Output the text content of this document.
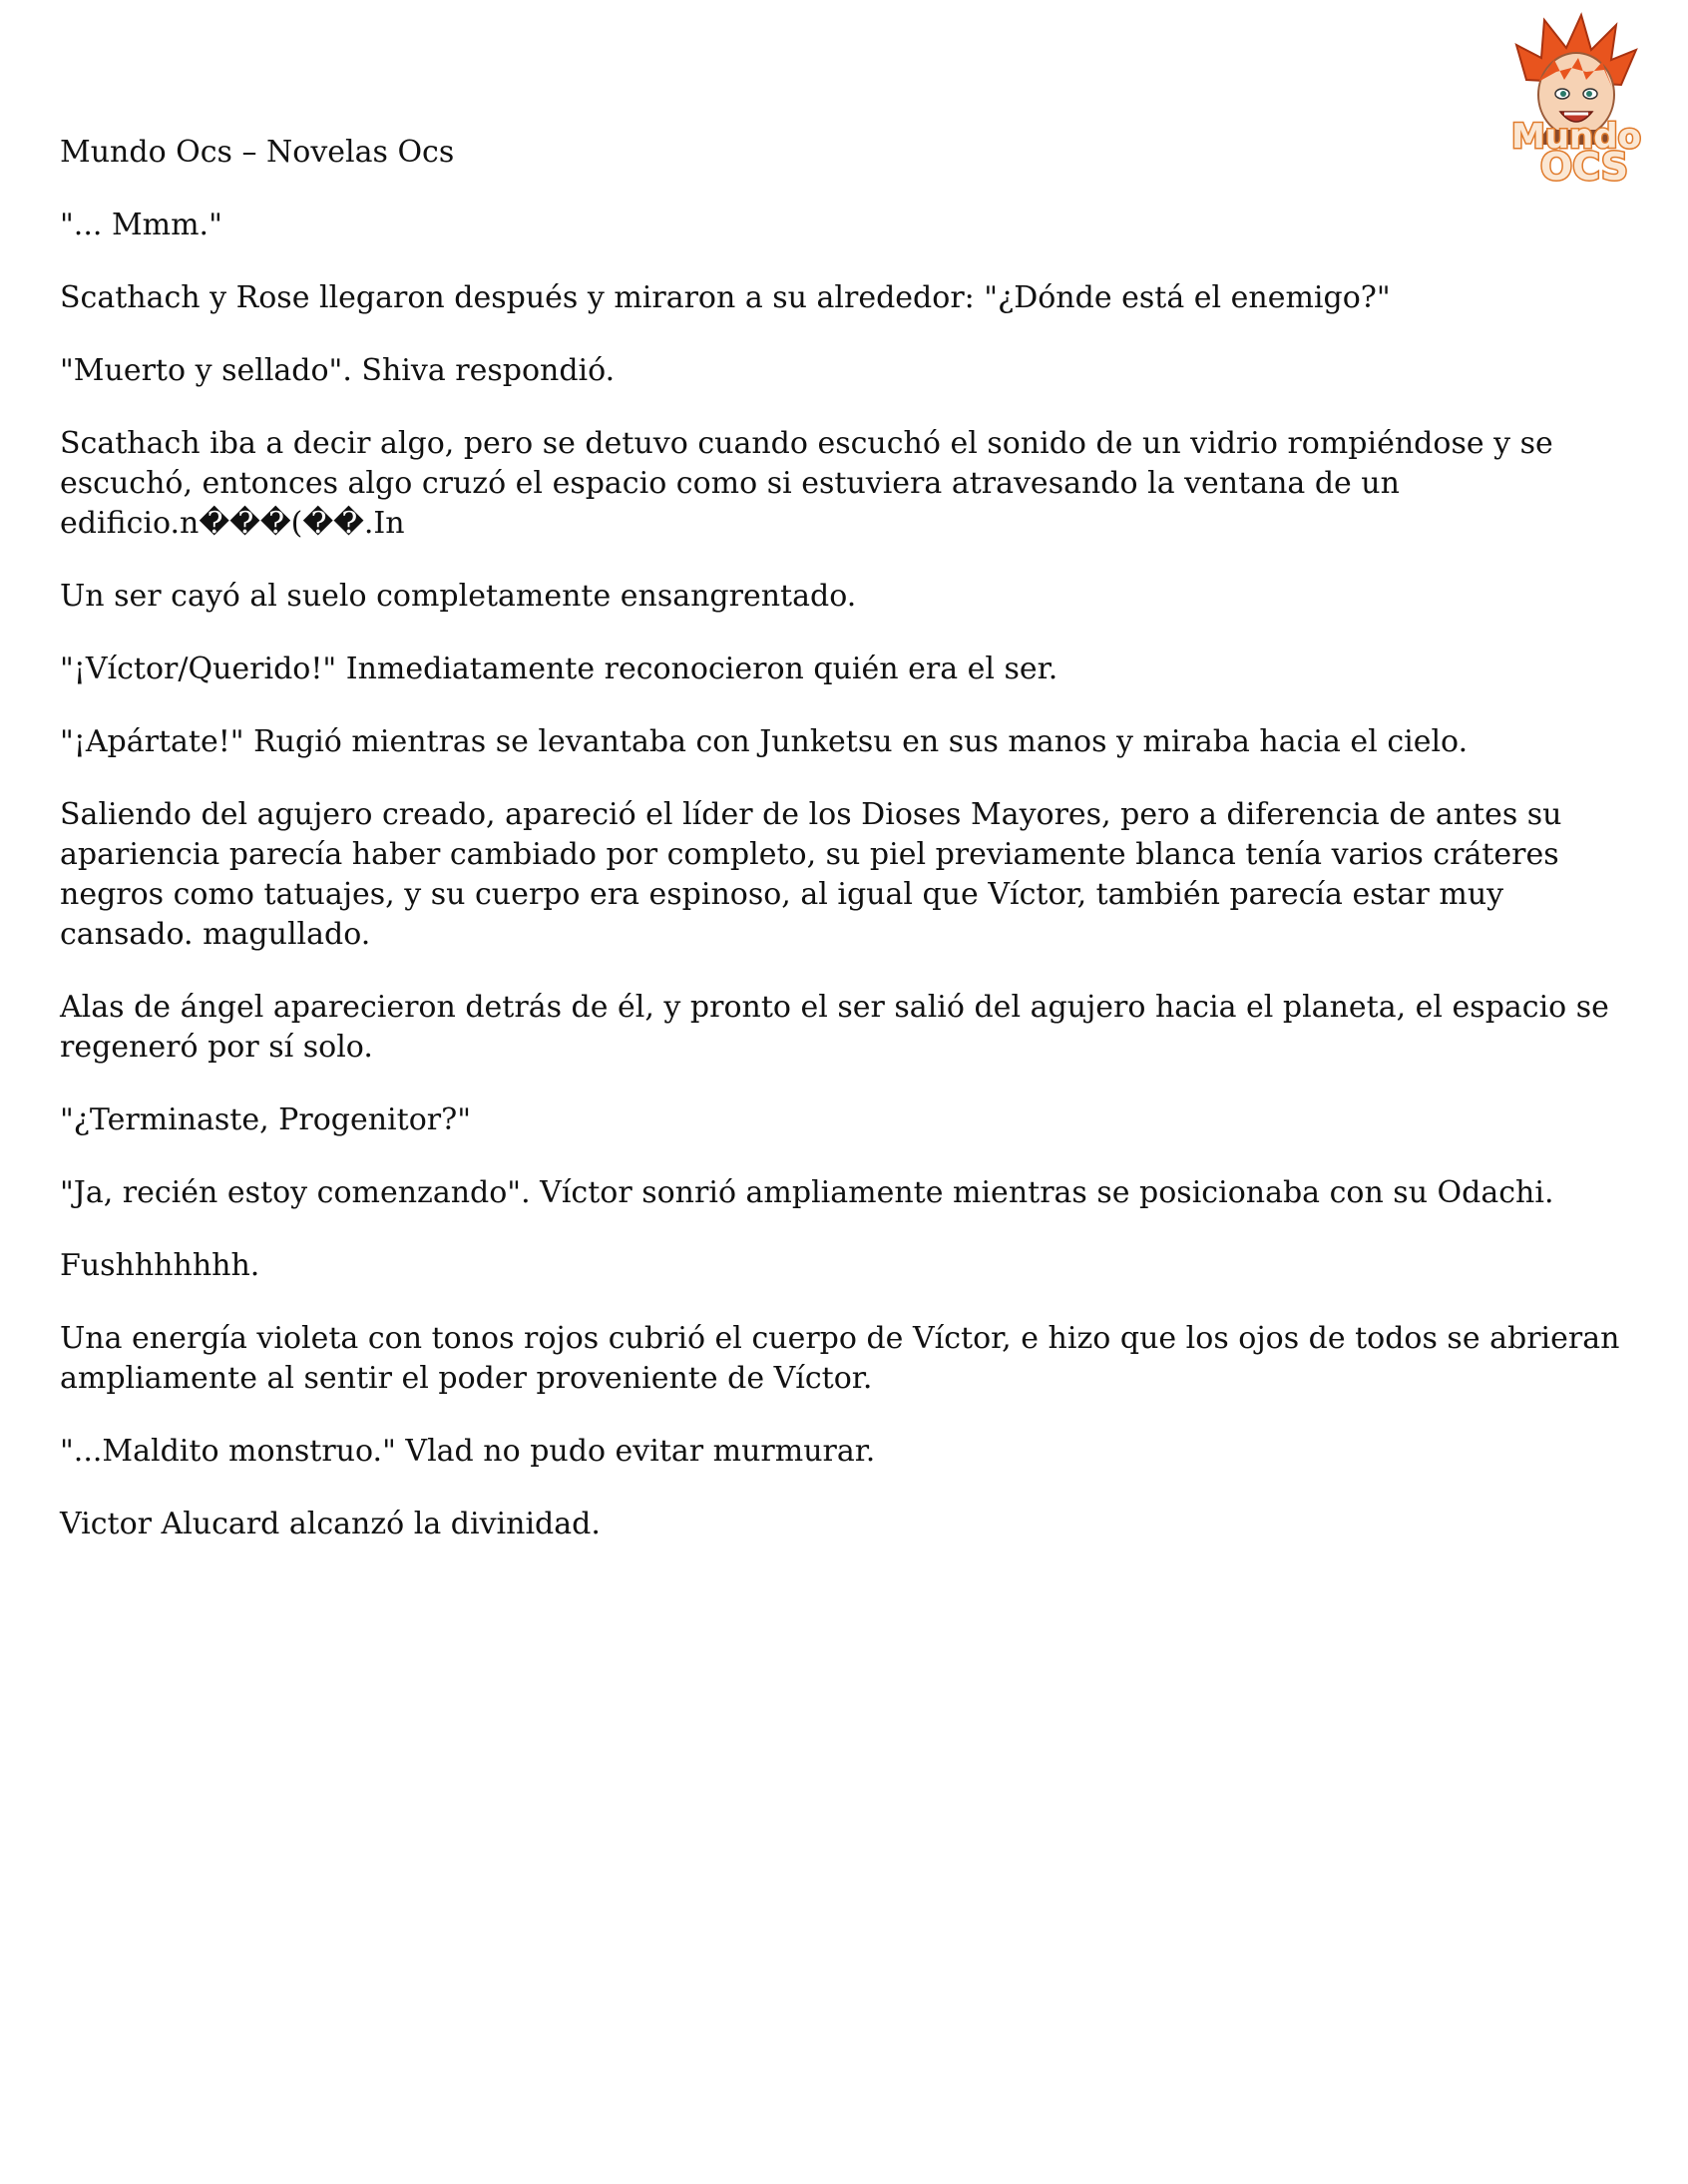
Mundo
OCS
Mundo Ocs – Novelas Ocs

"... Mmm."

Scathach y Rose llegaron después y miraron a su alrededor: "¿Dónde está el enemigo?"

"Muerto y sellado". Shiva respondió.

Scathach iba a decir algo, pero se detuvo cuando escuchó el sonido de un vidrio rompiéndose y se escuchó, entonces algo cruzó el espacio como si estuviera atravesando la ventana de un edificio.n���(��.In

Un ser cayó al suelo completamente ensangrentado.

"¡Víctor/Querido!" Inmediatamente reconocieron quién era el ser.

"¡Apártate!" Rugió mientras se levantaba con Junketsu en sus manos y miraba hacia el cielo.

Saliendo del agujero creado, apareció el líder de los Dioses Mayores, pero a diferencia de antes su apariencia parecía haber cambiado por completo, su piel previamente blanca tenía varios cráteres negros como tatuajes, y su cuerpo era espinoso, al igual que Víctor, también parecía estar muy cansado. magullado.

Alas de ángel aparecieron detrás de él, y pronto el ser salió del agujero hacia el planeta, el espacio se regeneró por sí solo.

"¿Terminaste, Progenitor?"

"Ja, recién estoy comenzando". Víctor sonrió ampliamente mientras se posicionaba con su Odachi.

Fushhhhhhh.

Una energía violeta con tonos rojos cubrió el cuerpo de Víctor, e hizo que los ojos de todos se abrieran ampliamente al sentir el poder proveniente de Víctor.

"...Maldito monstruo." Vlad no pudo evitar murmurar.

Victor Alucard alcanzó la divinidad.
